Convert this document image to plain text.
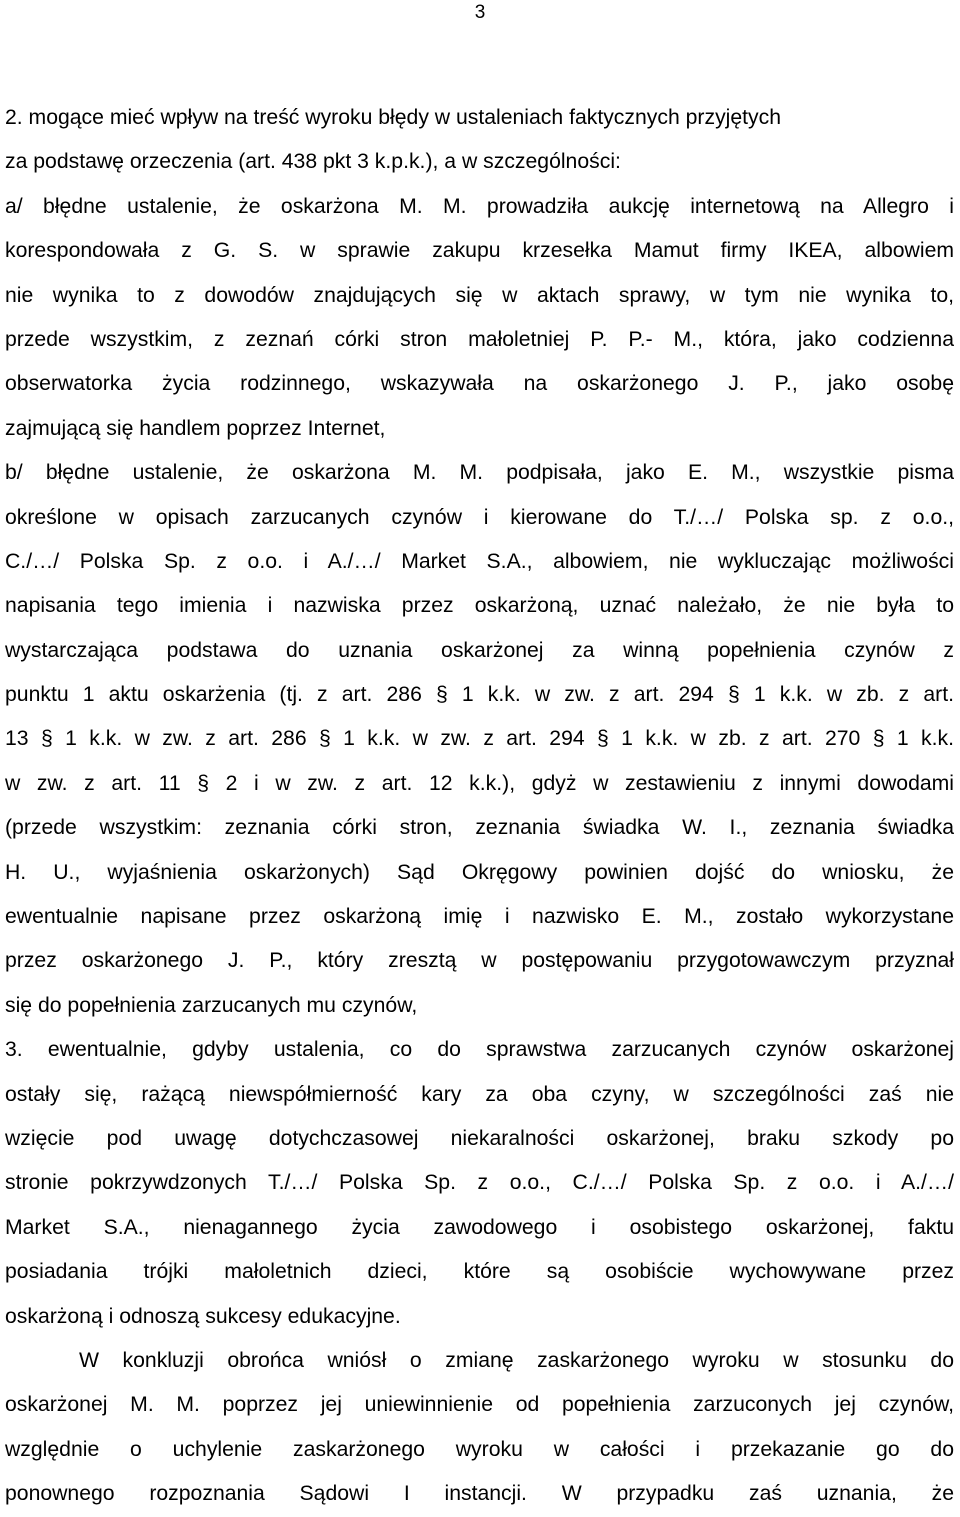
3
2. mogące mieć wpływ na treść wyroku błędy w ustaleniach faktycznych przyjętych
za podstawę orzeczenia (art. 438 pkt 3 k.p.k.), a w szczególności:
a/ błędne ustalenie, że oskarżona M. M. prowadziła aukcję internetową na Allegro i
korespondowała z G. S. w sprawie zakupu krzesełka Mamut firmy IKEA, albowiem
nie wynika to z dowodów znajdujących się w aktach sprawy, w tym nie wynika to,
przede wszystkim, z zeznań córki stron małoletniej P. P.- M., która, jako codzienna
obserwatorka życia rodzinnego, wskazywała na oskarżonego J. P., jako osobę
zajmującą się handlem poprzez Internet,
b/ błędne ustalenie, że oskarżona M. M. podpisała, jako E. M., wszystkie pisma
określone w opisach zarzucanych czynów i kierowane do T./…/ Polska sp. z o.o.,
C./…/ Polska Sp. z o.o. i A./…/ Market S.A., albowiem, nie wykluczając możliwości
napisania tego imienia i nazwiska przez oskarżoną, uznać należało, że nie była to
wystarczająca podstawa do uznania oskarżonej za winną popełnienia czynów z
punktu 1 aktu oskarżenia (tj. z art. 286 § 1 k.k. w zw. z art. 294 § 1 k.k. w zb. z art.
13 § 1 k.k. w zw. z art. 286 § 1 k.k. w zw. z art. 294 § 1 k.k. w zb. z art. 270 § 1 k.k.
w zw. z art. 11 § 2 i w zw. z art. 12 k.k.), gdyż w zestawieniu z innymi dowodami
(przede wszystkim: zeznania córki stron, zeznania świadka W. I., zeznania świadka
H. U., wyjaśnienia oskarżonych) Sąd Okręgowy powinien dojść do wniosku, że
ewentualnie napisane przez oskarżoną imię i nazwisko E. M., zostało wykorzystane
przez oskarżonego J. P., który zresztą w postępowaniu przygotowawczym przyznał
się do popełnienia zarzucanych mu czynów,
3. ewentualnie, gdyby ustalenia, co do sprawstwa zarzucanych czynów oskarżonej
ostały się, rażącą niewspółmierność kary za oba czyny, w szczególności zaś nie
wzięcie pod uwagę dotychczasowej niekaralności oskarżonej, braku szkody po
stronie pokrzywdzonych T./…/ Polska Sp. z o.o., C./…/ Polska Sp. z o.o. i A./…/
Market S.A., nienagannego życia zawodowego i osobistego oskarżonej, faktu
posiadania trójki małoletnich dzieci, które są osobiście wychowywane przez
oskarżoną i odnoszą sukcesy edukacyjne.
W konkluzji obrońca wniósł o zmianę zaskarżonego wyroku w stosunku do
oskarżonej M. M. poprzez jej uniewinnienie od popełnienia zarzuconych jej czynów,
względnie o uchylenie zaskarżonego wyroku w całości i przekazanie go do
ponownego rozpoznania Sądowi I instancji. W przypadku zaś uznania, że
